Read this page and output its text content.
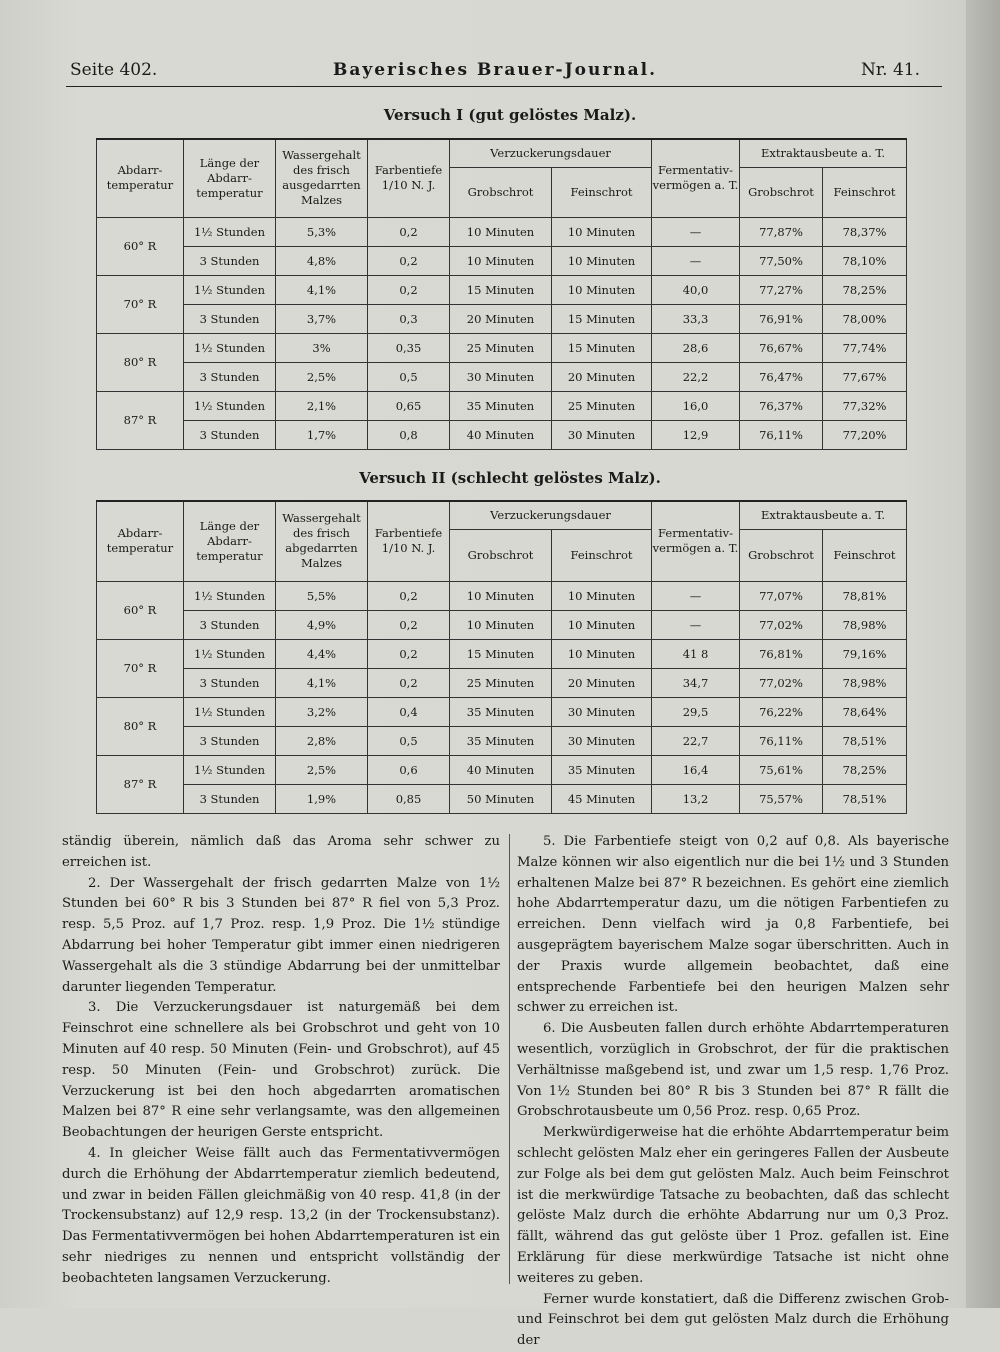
Seite 402.	Bayerisches Brauer-Journal.	Nr. 41.
Versuch I (gut gelöstes Malz).
Abdarr-temperatur	Länge der Abdarr-temperatur	Wassergehalt des frisch ausgedarrten Malzes	Farbentiefe 1/10 N. J.	Verzuckerungsdauer		Fermentativ-vermögen a. T.	Extraktausbeute a. T.	
				Grobschrot	Feinschrot		Grobschrot	Feinschrot
60° R	1½ Stunden	5,3%	0,2	10 Minuten	10 Minuten	—	77,87%	78,37%
	3 Stunden	4,8%	0,2	10 Minuten	10 Minuten	—	77,50%	78,10%
70° R	1½ Stunden	4,1%	0,2	15 Minuten	10 Minuten	40,0	77,27%	78,25%
	3 Stunden	3,7%	0,3	20 Minuten	15 Minuten	33,3	76,91%	78,00%
80° R	1½ Stunden	3%	0,35	25 Minuten	15 Minuten	28,6	76,67%	77,74%
	3 Stunden	2,5%	0,5	30 Minuten	20 Minuten	22,2	76,47%	77,67%
87° R	1½ Stunden	2,1%	0,65	35 Minuten	25 Minuten	16,0	76,37%	77,32%
	3 Stunden	1,7%	0,8	40 Minuten	30 Minuten	12,9	76,11%	77,20%
Versuch II (schlecht gelöstes Malz).
Abdarr-temperatur	Länge der Abdarr-temperatur	Wassergehalt des frisch abgedarrten Malzes	Farbentiefe 1/10 N. J.	Verzuckerungsdauer		Fermentativ-vermögen a. T.	Extraktausbeute a. T.	
				Grobschrot	Feinschrot		Grobschrot	Feinschrot
60° R	1½ Stunden	5,5%	0,2	10 Minuten	10 Minuten	—	77,07%	78,81%
	3 Stunden	4,9%	0,2	10 Minuten	10 Minuten	—	77,02%	78,98%
70° R	1½ Stunden	4,4%	0,2	15 Minuten	10 Minuten	41 8	76,81%	79,16%
	3 Stunden	4,1%	0,2	25 Minuten	20 Minuten	34,7	77,02%	78,98%
80° R	1½ Stunden	3,2%	0,4	35 Minuten	30 Minuten	29,5	76,22%	78,64%
	3 Stunden	2,8%	0,5	35 Minuten	30 Minuten	22,7	76,11%	78,51%
87° R	1½ Stunden	2,5%	0,6	40 Minuten	35 Minuten	16,4	75,61%	78,25%
	3 Stunden	1,9%	0,85	50 Minuten	45 Minuten	13,2	75,57%	78,51%

ständig überein, nämlich daß das Aroma sehr schwer zu erreichen ist.

2. Der Wassergehalt der frisch gedarrten Malze von 1½ Stunden bei 60° R bis 3 Stunden bei 87° R fiel von 5,3 Proz. resp. 5,5 Proz. auf 1,7 Proz. resp. 1,9 Proz. Die 1½ stündige Abdarrung bei hoher Temperatur gibt immer einen niedrigeren Wassergehalt als die 3 stündige Abdarrung bei der unmittelbar darunter liegenden Temperatur.

3. Die Verzuckerungsdauer ist naturgemäß bei dem Feinschrot eine schnellere als bei Grobschrot und geht von 10 Minuten auf 40 resp. 50 Minuten (Fein- und Grobschrot), auf 45 resp. 50 Minuten (Fein- und Grobschrot) zurück. Die Verzuckerung ist bei den hoch abgedarrten aromatischen Malzen bei 87° R eine sehr verlangsamte, was den allgemeinen Beobachtungen der heurigen Gerste entspricht.

4. In gleicher Weise fällt auch das Fermentativvermögen durch die Erhöhung der Abdarrtemperatur ziemlich bedeutend, und zwar in beiden Fällen gleichmäßig von 40 resp. 41,8 (in der Trockensubstanz) auf 12,9 resp. 13,2 (in der Trockensubstanz). Das Fermentativvermögen bei hohen Abdarrtemperaturen ist ein sehr niedriges zu nennen und entspricht vollständig der beobachteten langsamen Verzuckerung.

5. Die Farbentiefe steigt von 0,2 auf 0,8. Als bayerische Malze können wir also eigentlich nur die bei 1½ und 3 Stunden erhaltenen Malze bei 87° R bezeichnen. Es gehört eine ziemlich hohe Abdarrtemperatur dazu, um die nötigen Farbentiefen zu erreichen. Denn vielfach wird ja 0,8 Farbentiefe, bei ausgeprägtem bayerischem Malze sogar überschritten. Auch in der Praxis wurde allgemein beobachtet, daß eine entsprechende Farbentiefe bei den heurigen Malzen sehr schwer zu erreichen ist.

6. Die Ausbeuten fallen durch erhöhte Abdarrtemperaturen wesentlich, vorzüglich in Grobschrot, der für die praktischen Verhältnisse maßgebend ist, und zwar um 1,5 resp. 1,76 Proz. Von 1½ Stunden bei 80° R bis 3 Stunden bei 87° R fällt die Grobschrotausbeute um 0,56 Proz. resp. 0,65 Proz.

Merkwürdigerweise hat die erhöhte Abdarrtemperatur beim schlecht gelösten Malz eher ein geringeres Fallen der Ausbeute zur Folge als bei dem gut gelösten Malz. Auch beim Feinschrot ist die merkwürdige Tatsache zu beobachten, daß das schlecht gelöste Malz durch die erhöhte Abdarrung nur um 0,3 Proz. fällt, während das gut gelöste über 1 Proz. gefallen ist. Eine Erklärung für diese merkwürdige Tatsache ist nicht ohne weiteres zu geben.

Ferner wurde konstatiert, daß die Differenz zwischen Grob- und Feinschrot bei dem gut gelösten Malz durch die Erhöhung der
